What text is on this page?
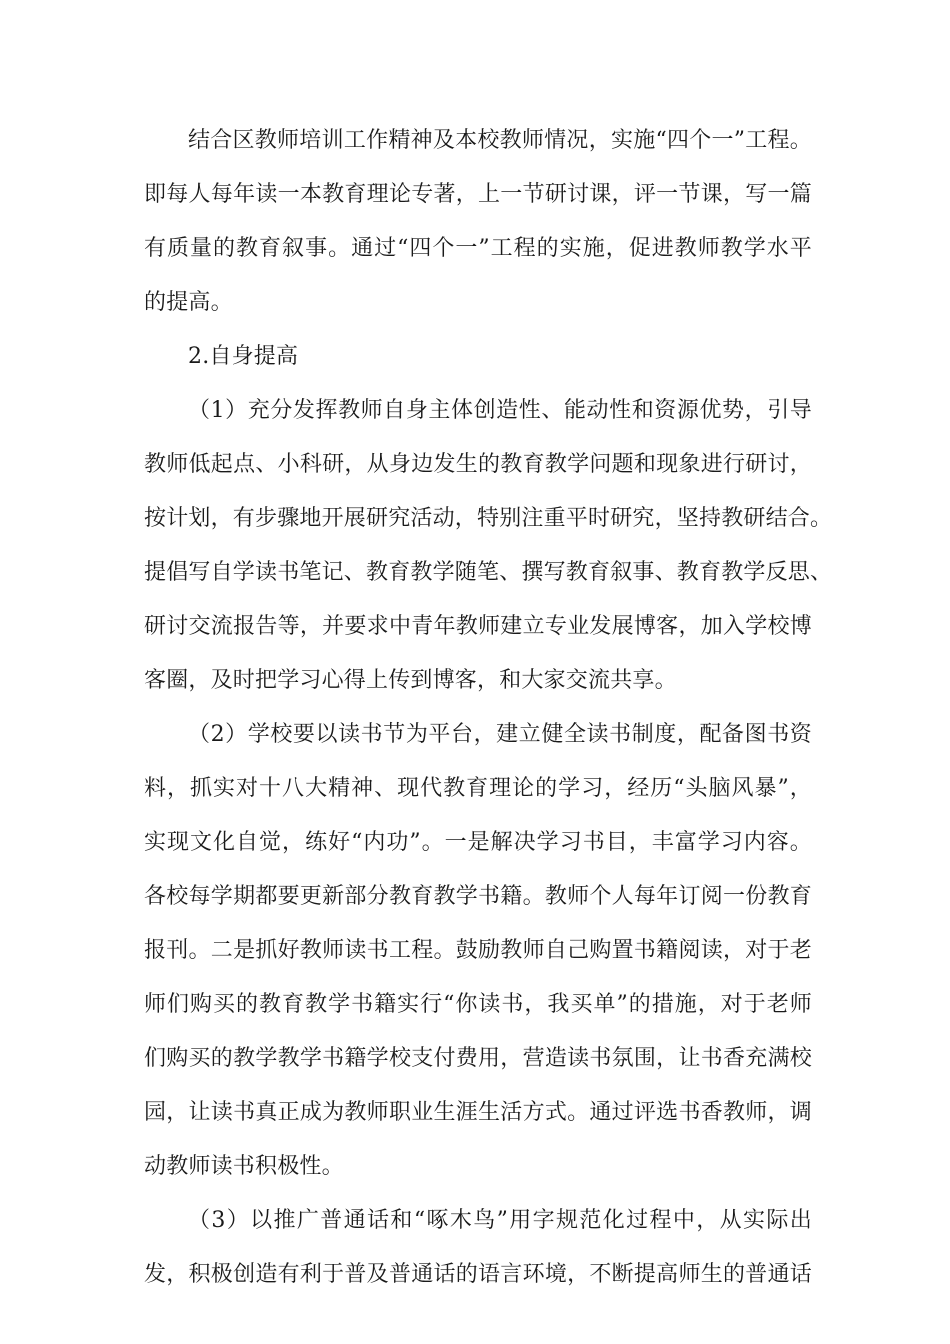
结合区教师培训工作精神及本校教师情况，实施“四个一”工程。
即每人每年读一本教育理论专著，上一节研讨课，评一节课，写一篇
有质量的教育叙事。通过“四个一”工程的实施，促进教师教学水平
的提高。
2.自身提高
（1）充分发挥教师自身主体创造性、能动性和资源优势，引导
教师低起点、小科研，从身边发生的教育教学问题和现象进行研讨，
按计划，有步骤地开展研究活动，特别注重平时研究，坚持教研结合。
提倡写自学读书笔记、教育教学随笔、撰写教育叙事、教育教学反思、
研讨交流报告等，并要求中青年教师建立专业发展博客，加入学校博
客圈，及时把学习心得上传到博客，和大家交流共享。
（2）学校要以读书节为平台，建立健全读书制度，配备图书资
料，抓实对十八大精神、现代教育理论的学习，经历“头脑风暴”，
实现文化自觉，练好“内功”。一是解决学习书目，丰富学习内容。
各校每学期都要更新部分教育教学书籍。教师个人每年订阅一份教育
报刊。二是抓好教师读书工程。鼓励教师自己购置书籍阅读，对于老
师们购买的教育教学书籍实行“你读书，我买单”的措施，对于老师
们购买的教学教学书籍学校支付费用，营造读书氛围，让书香充满校
园，让读书真正成为教师职业生涯生活方式。通过评选书香教师，调
动教师读书积极性。
（3）以推广普通话和“啄木鸟”用字规范化过程中，从实际出
发，积极创造有利于普及普通话的语言环境，不断提高师生的普通话
